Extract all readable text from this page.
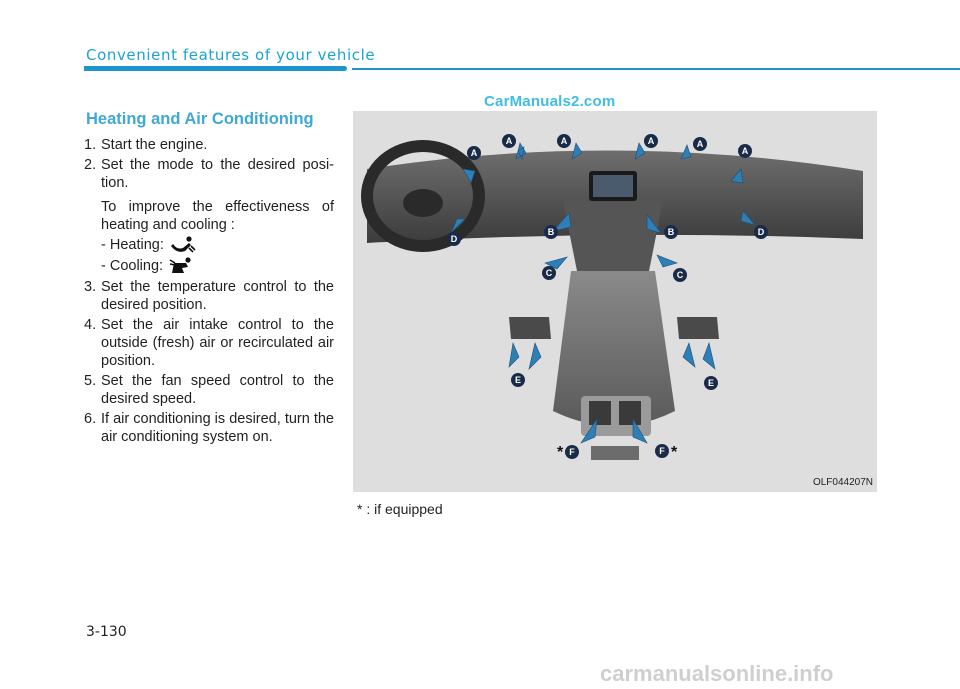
Convenient features of your vehicle
CarManuals2.com
Heating and Air Conditioning
1. Start the engine.
2. Set the mode to the desired posi-tion.
To improve the effectiveness of heating and cooling :
- Heating:
- Cooling:
3. Set the temperature control to the desired position.
4. Set the air intake control to the outside (fresh) air or recirculated air position.
5. Set the fan speed control to the desired speed.
6. If air conditioning is desired, turn the air conditioning system on.
A	A	A	A
A	A
B	B
C	C
D
D
E	E
F	F
*	*
OLF044207N
* : if equipped
3-130
carmanualsonline.info
